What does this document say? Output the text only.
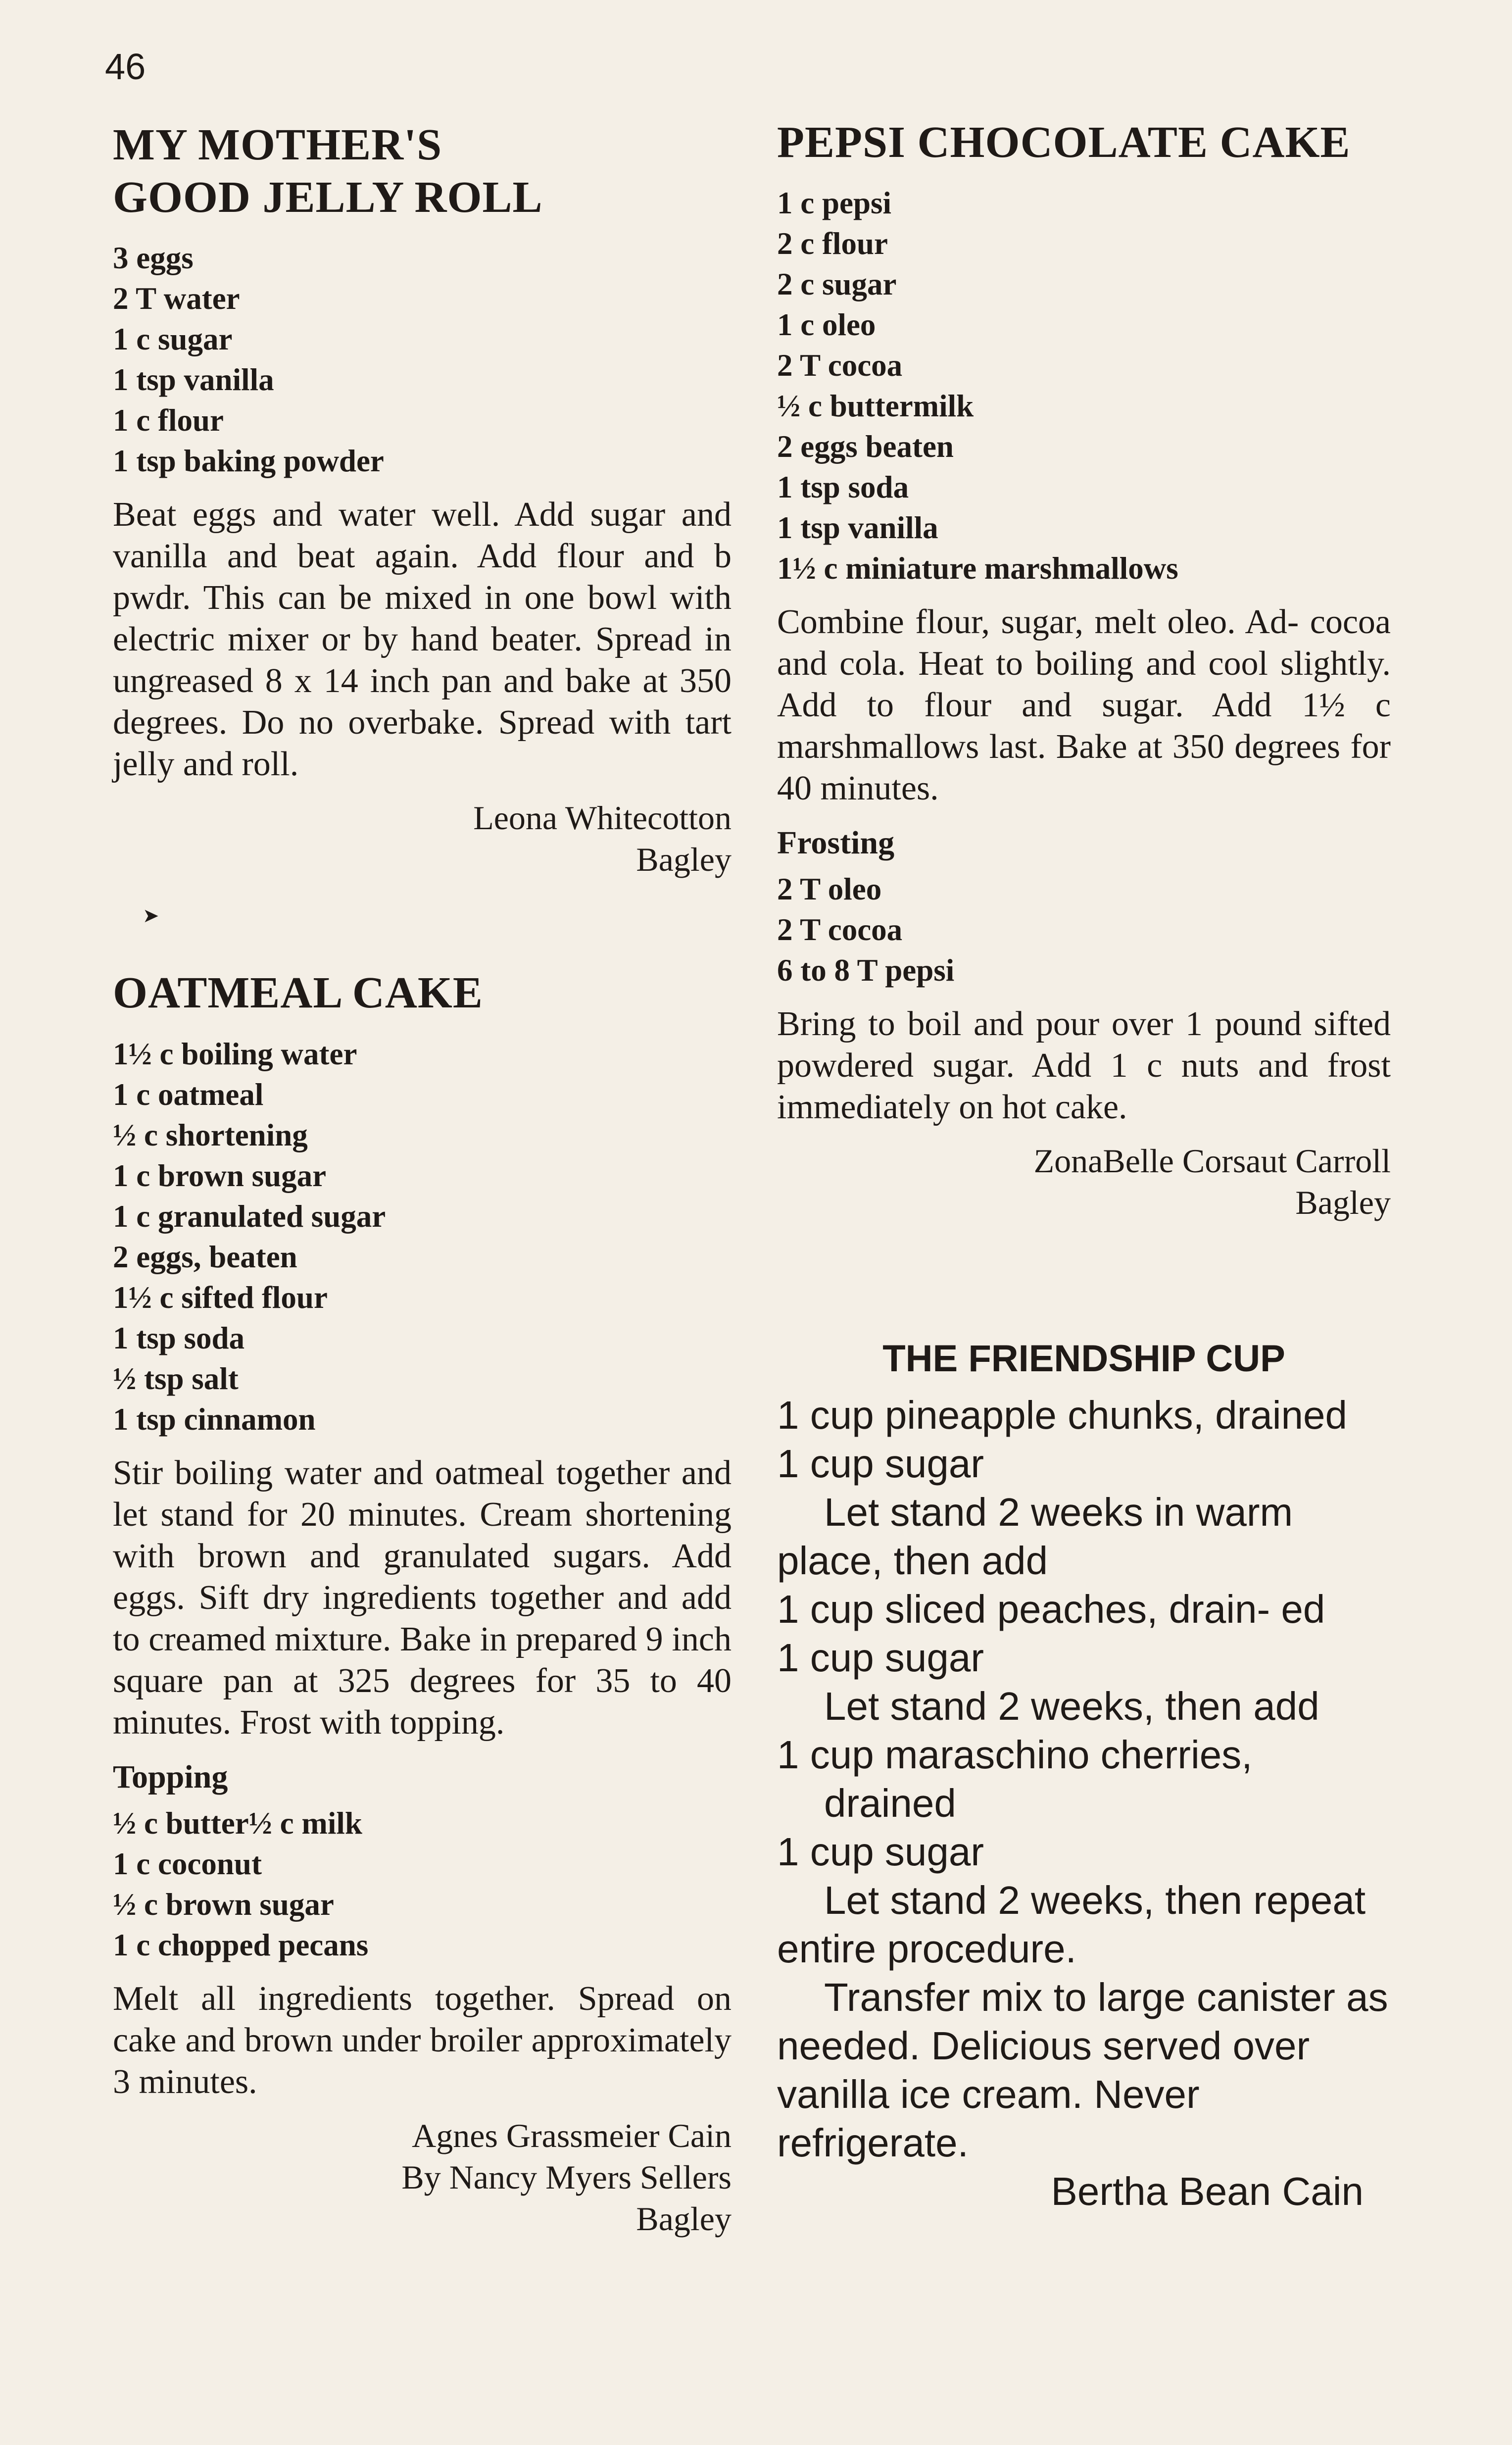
46
MY MOTHER'S
GOOD JELLY ROLL
3 eggs
2 T water
1 c sugar
1 tsp vanilla
1 c flour
1 tsp baking powder

Beat eggs and water well. Add sugar and vanilla and beat again. Add flour and b pwdr. This can be mixed in one bowl with electric mixer or by hand beater. Spread in ungreased 8 x 14 inch pan and bake at 350 degrees. Do no overbake. Spread with tart jelly and roll.

Leona Whitecotton

Bagley

➤
OATMEAL CAKE
1½ c boiling water
1 c oatmeal
½ c shortening
1 c brown sugar
1 c granulated sugar
2 eggs, beaten
1½ c sifted flour
1 tsp soda
½ tsp salt
1 tsp cinnamon

Stir boiling water and oatmeal together and let stand for 20 minutes. Cream shortening with brown and granulated sugars. Add eggs. Sift dry ingredients together and add to creamed mixture. Bake in prepared 9 inch square pan at 325 degrees for 35 to 40 minutes. Frost with topping.

Topping
½ c butter½ c milk
1 c coconut
½ c brown sugar
1 c chopped pecans

Melt all ingredients together. Spread on cake and brown under broiler approximately 3 minutes.

Agnes Grassmeier Cain

By Nancy Myers Sellers

Bagley

PEPSI CHOCOLATE CAKE
1 c pepsi
2 c flour
2 c sugar
1 c oleo
2 T cocoa
½ c buttermilk
2 eggs beaten
1 tsp soda
1 tsp vanilla
1½ c miniature marshmallows

Combine flour, sugar, melt oleo. Ad- cocoa and cola. Heat to boiling and cool slightly. Add to flour and sugar. Add 1½ c marshmallows last. Bake at 350 degrees for 40 minutes.

Frosting
2 T oleo
2 T cocoa
6 to 8 T pepsi

Bring to boil and pour over 1 pound sifted powdered sugar. Add 1 c nuts and frost immediately on hot cake.

ZonaBelle Corsaut Carroll

Bagley

THE FRIENDSHIP CUP

1 cup pineapple chunks, drained

1 cup sugar

Let stand 2 weeks in warm place, then add

1 cup sliced peaches, drain- ed

1 cup sugar

Let stand 2 weeks, then add

1 cup maraschino cherries, drained

1 cup sugar

Let stand 2 weeks, then repeat entire procedure.

Transfer mix to large canister as needed. Delicious served over vanilla ice cream. Never refrigerate.

Bertha Bean Cain
